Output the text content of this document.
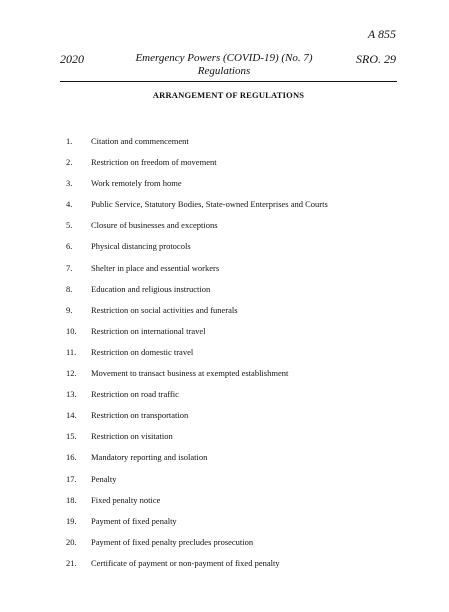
A 855
2020	Emergency Powers (COVID-19) (No. 7)
Regulations
SRO. 29
ARRANGEMENT OF REGULATIONS
1. Citation and commencement
2. Restriction on freedom of movement
3. Work remotely from home
4. Public Service, Statutory Bodies, State-owned Enterprises and Courts
5. Closure of businesses and exceptions
6. Physical distancing protocols
7. Shelter in place and essential workers
8. Education and religious instruction
9. Restriction on social activities and funerals
10. Restriction on international travel
11. Restriction on domestic travel
12. Movement to transact business at exempted establishment
13. Restriction on road traffic
14. Restriction on transportation
15. Restriction on visitation
16. Mandatory reporting and isolation
17. Penalty
18. Fixed penalty notice
19. Payment of fixed penalty
20. Payment of fixed penalty precludes prosecution
21. Certificate of payment or non-payment of fixed penalty
